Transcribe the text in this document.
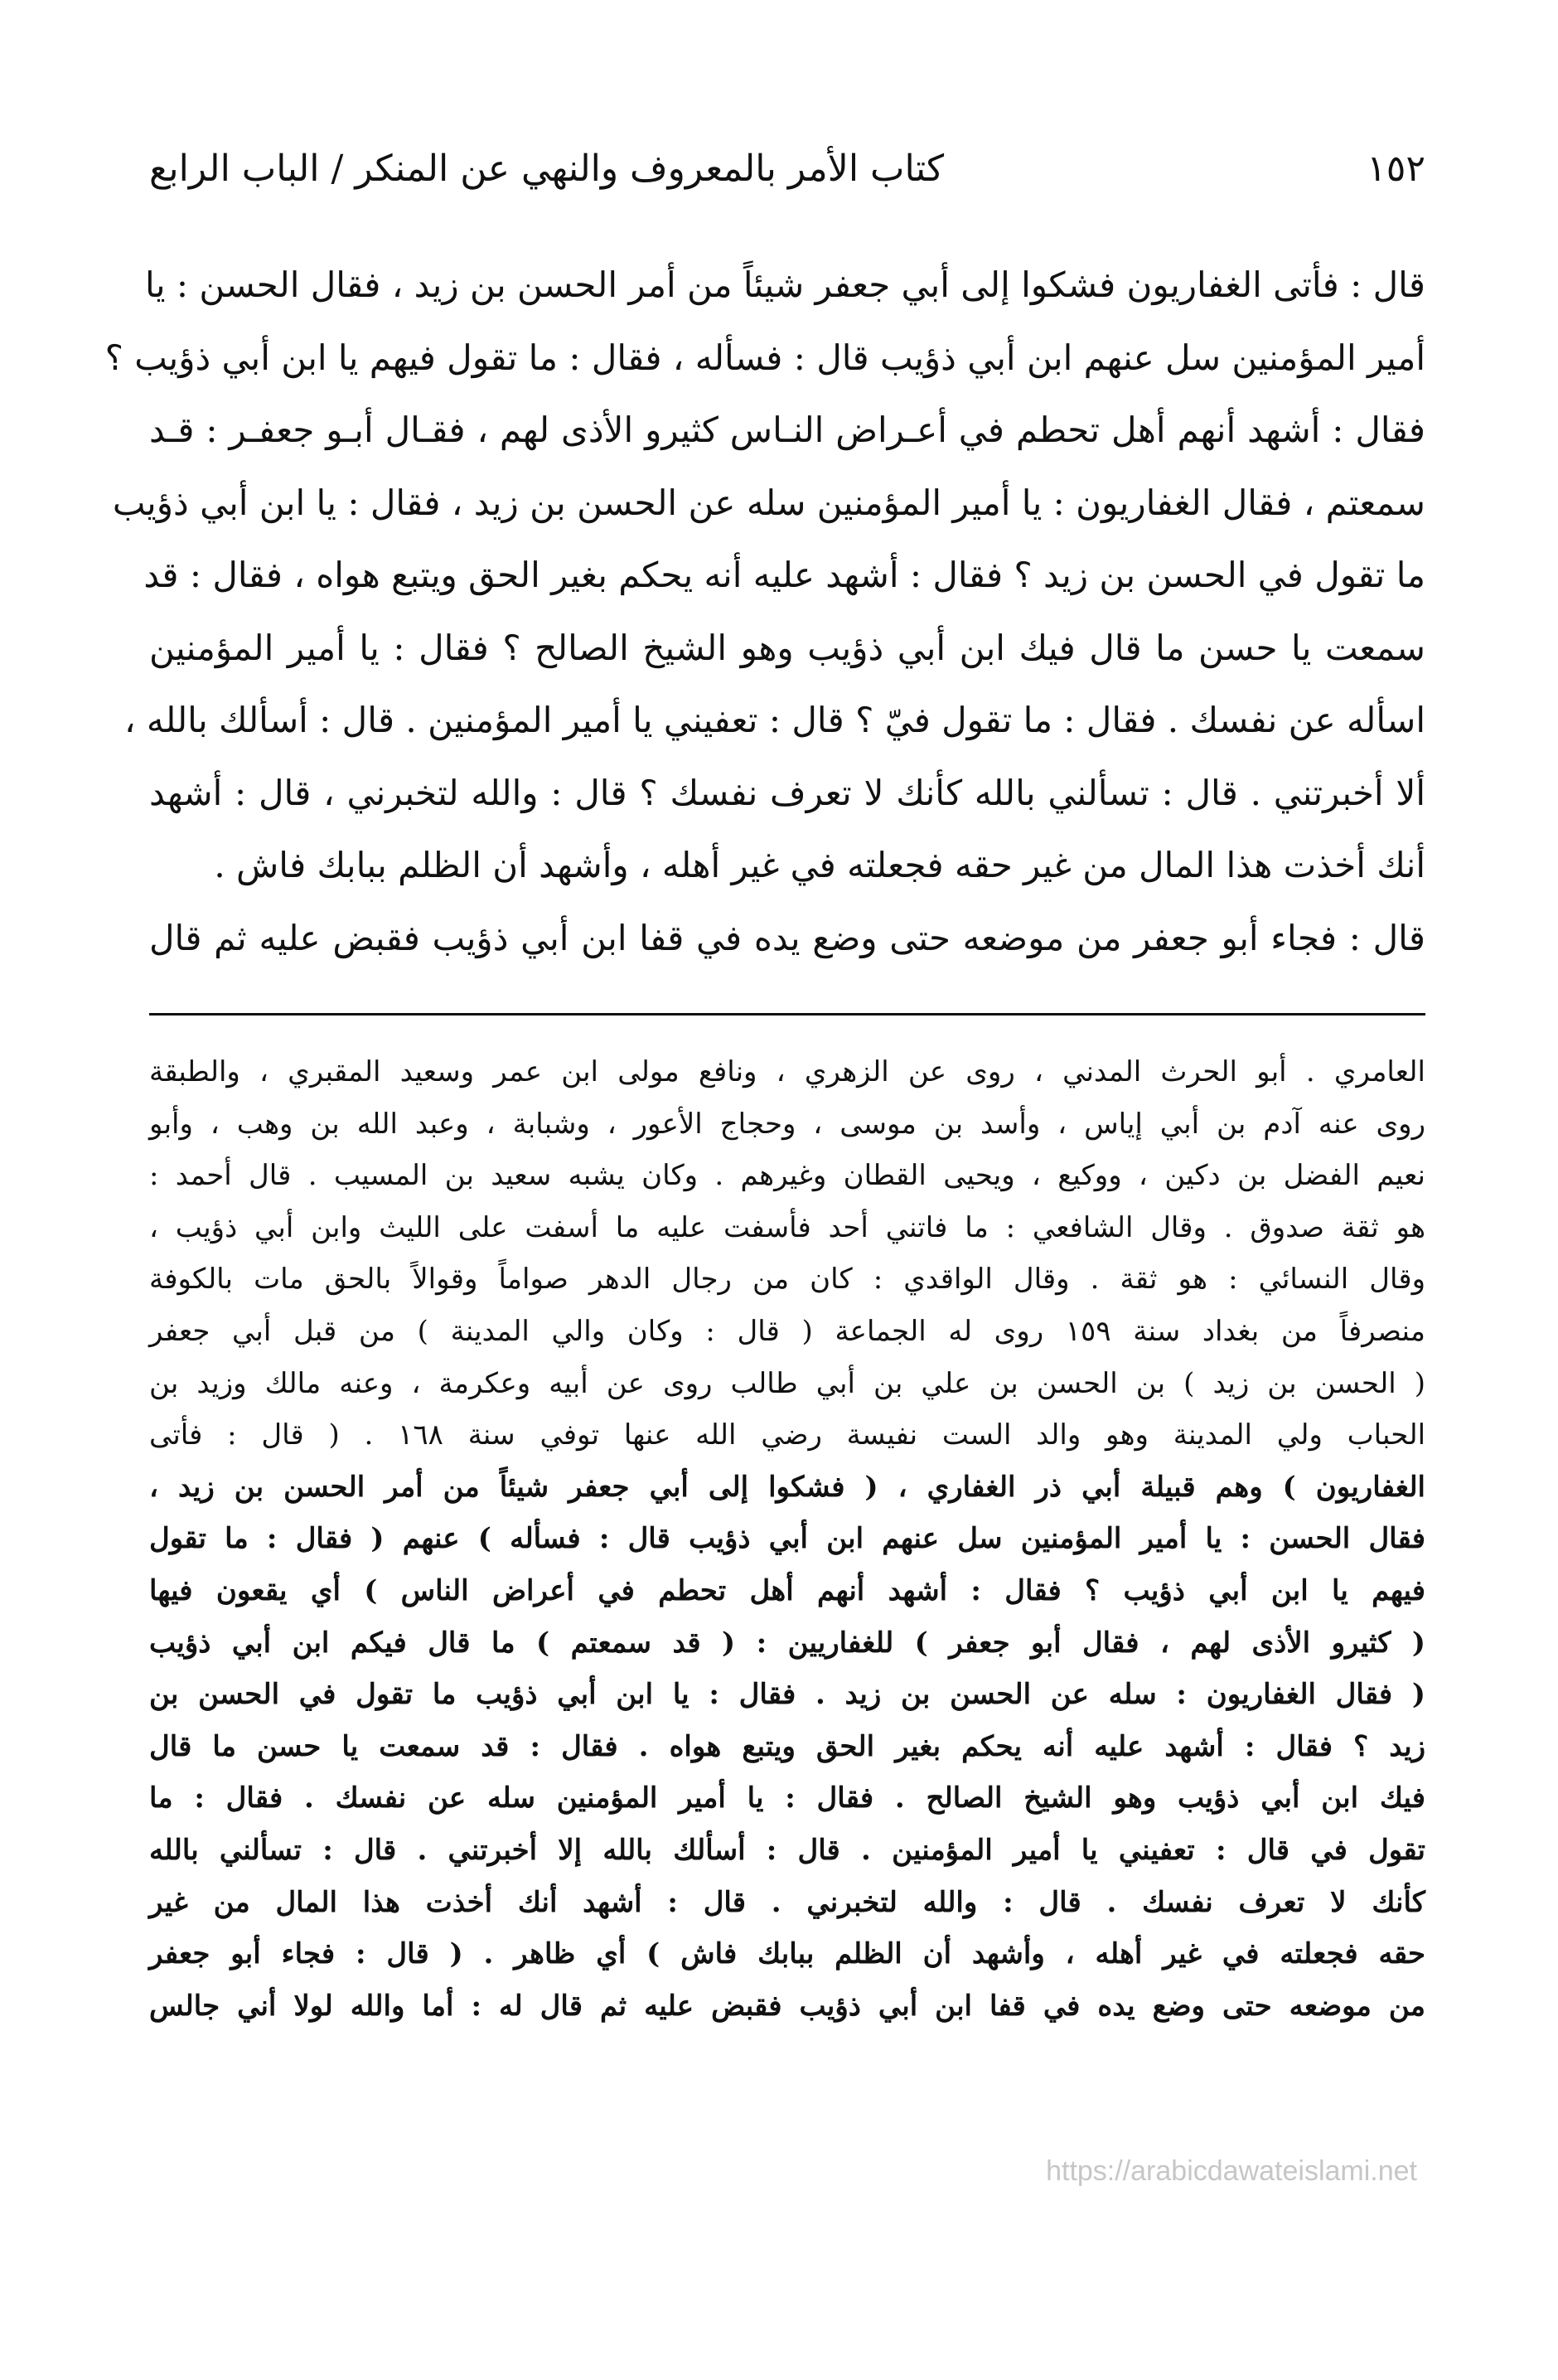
١٥٢
كتاب الأمر بالمعروف والنهي عن المنكر / الباب الرابع

قال : فأتى الغفاريون فشكوا إلى أبي جعفر شيئاً من أمر الحسن بن زيد ، فقال الحسن : يا

أمير المؤمنين سل عنهم ابن أبي ذؤيب قال : فسأله ، فقال : ما تقول فيهم يا ابن أبي ذؤيب ؟

فقال : أشهد أنهم أهل تحطم في أعـراض النـاس كثيرو الأذى لهم ، فقـال أبـو جعفـر : قـد

سمعتم ، فقال الغفاريون : يا أمير المؤمنين سله عن الحسن بن زيد ، فقال : يا ابن أبي ذؤيب

ما تقول في الحسن بن زيد ؟ فقال : أشهد عليه أنه يحكم بغير الحق ويتبع هواه ، فقال : قد

سمعت يا حسن ما قال فيك ابن أبي ذؤيب وهو الشيخ الصالح ؟ فقال : يا أمير المؤمنين

اسأله عن نفسك . فقال : ما تقول فيّ ؟ قال : تعفيني يا أمير المؤمنين . قال : أسألك بالله ،

ألا أخبرتني . قال : تسألني بالله كأنك لا تعرف نفسك ؟ قال : والله لتخبرني ، قال : أشهد

أنك أخذت هذا المال من غير حقه فجعلته في غير أهله ، وأشهد أن الظلم ببابك فاش .

قال : فجاء أبو جعفر من موضعه حتى وضع يده في قفا ابن أبي ذؤيب فقبض عليه ثم قال

العامري . أبو الحرث المدني ، روى عن الزهري ، ونافع مولى ابن عمر وسعيد المقبري ، والطبقة

روى عنه آدم بن أبي إياس ، وأسد بن موسى ، وحجاج الأعور ، وشبابة ، وعبد الله بن وهب ، وأبو

نعيم الفضل بن دكين ، ووكيع ، ويحيى القطان وغيرهم . وكان يشبه سعيد بن المسيب . قال أحمد :

هو ثقة صدوق . وقال الشافعي : ما فاتني أحد فأسفت عليه ما أسفت على الليث وابن أبي ذؤيب ،

وقال النسائي : هو ثقة . وقال الواقدي : كان من رجال الدهر صواماً وقوالاً بالحق مات بالكوفة

منصرفاً من بغداد سنة ١٥٩ روى له الجماعة ( قال : وكان والي المدينة ) من قبل أبي جعفر

( الحسن بن زيد ) بن الحسن بن علي بن أبي طالب روى عن أبيه وعكرمة ، وعنه مالك وزيد بن

الحباب ولي المدينة وهو والد الست نفيسة رضي الله عنها توفي سنة ١٦٨ . ( قال : فأتى

الغفاريون ) وهم قبيلة أبي ذر الغفاري ، ( فشكوا إلى أبي جعفر شيئاً من أمر الحسن بن زيد ،

فقال الحسن : يا أمير المؤمنين سل عنهم ابن أبي ذؤيب قال : فسأله ) عنهم ( فقال : ما تقول

فيهم يا ابن أبي ذؤيب ؟ فقال : أشهد أنهم أهل تحطم في أعراض الناس ) أي يقعون فيها

( كثيرو الأذى لهم ، فقال أبو جعفر ) للغفاريين : ( قد سمعتم ) ما قال فيكم ابن أبي ذؤيب

( فقال الغفاريون : سله عن الحسن بن زيد . فقال : يا ابن أبي ذؤيب ما تقول في الحسن بن

زيد ؟ فقال : أشهد عليه أنه يحكم بغير الحق ويتبع هواه . فقال : قد سمعت يا حسن ما قال

فيك ابن أبي ذؤيب وهو الشيخ الصالح . فقال : يا أمير المؤمنين سله عن نفسك . فقال : ما

تقول في قال : تعفيني يا أمير المؤمنين . قال : أسألك بالله إلا أخبرتني . قال : تسألني بالله

كأنك لا تعرف نفسك . قال : والله لتخبرني . قال : أشهد أنك أخذت هذا المال من غير

حقه فجعلته في غير أهله ، وأشهد أن الظلم ببابك فاش ) أي ظاهر . ( قال : فجاء أبو جعفر

من موضعه حتى وضع يده في قفا ابن أبي ذؤيب فقبض عليه ثم قال له : أما والله لولا أني جالس

https://arabicdawateislami.net
